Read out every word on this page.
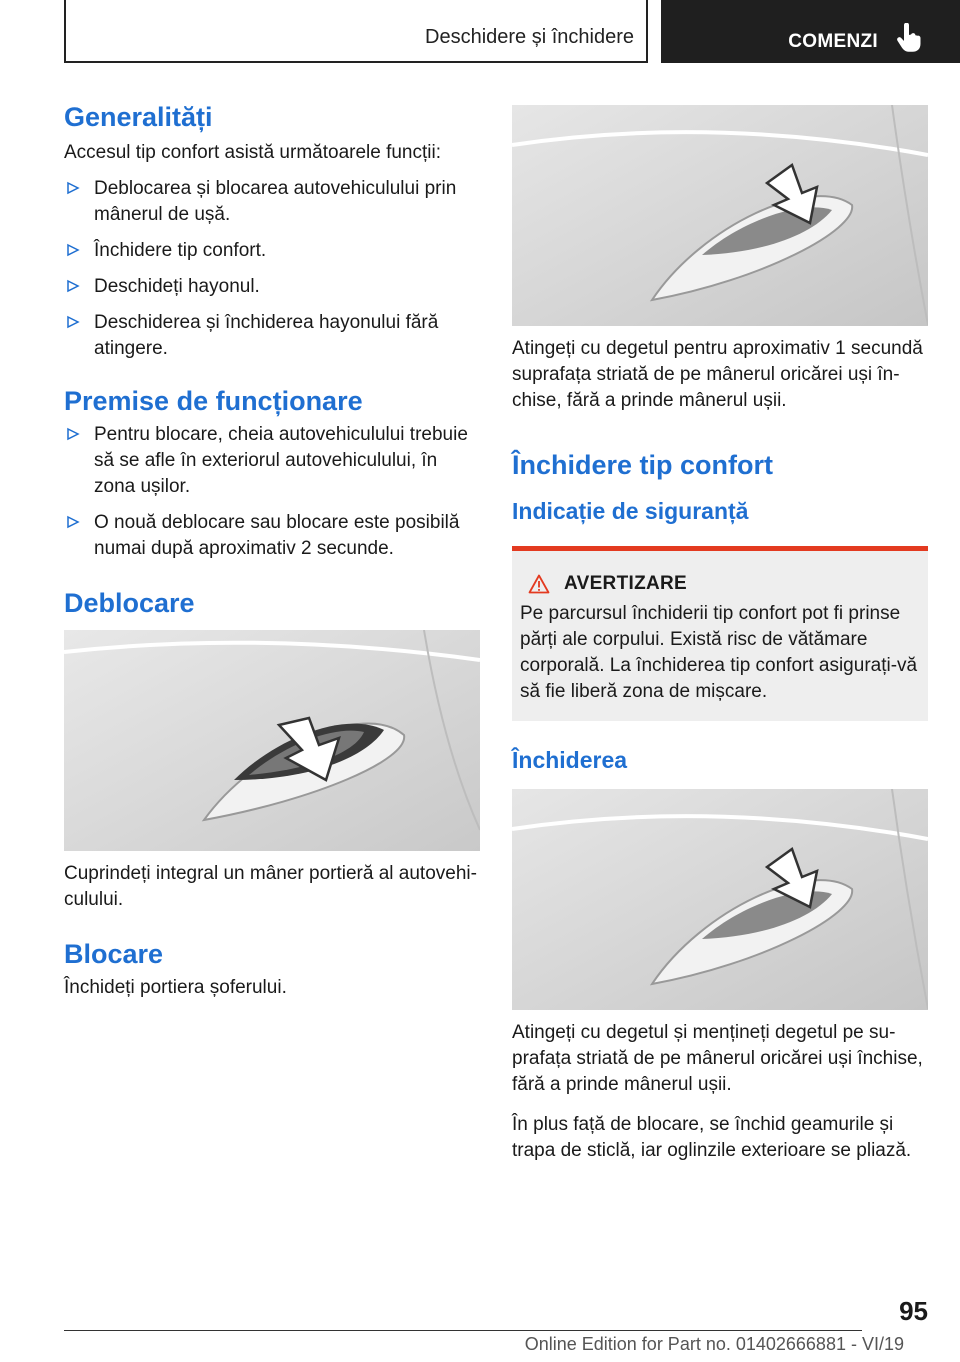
Deschidere și închidere	COMENZI
Generalități

Accesul tip confort asistă următoarele funcții:

Deblocarea și blocarea autovehiculului prin mânerul de ușă.
Închidere tip confort.
Deschideți hayonul.
Deschiderea și închiderea hayonului fără atingere.
Premise de funcționare
Pentru blocare, cheia autovehiculului trebuie să se afle în exteriorul autovehiculului, în zona ușilor.
O nouă deblocare sau blocare este posibilă numai după aproximativ 2 secunde.
Deblocare

Cuprindeți integral un mâner portieră al autovehiculului.

Blocare

Închideți portiera șoferului.

Atingeți cu degetul pentru aproximativ 1 secundă suprafața striată de pe mânerul oricărei uși închise, fără a prinde mânerul ușii.

Închidere tip confort
Indicație de siguranță
AVERTIZARE

Pe parcursul închiderii tip confort pot fi prinse părți ale corpului. Există risc de vătămare corporală. La închiderea tip confort asigurați-vă să fie liberă zona de mișcare.

Închiderea

Atingeți cu degetul și mențineți degetul pe suprafața striată de pe mânerul oricărei uși închise, fără a prinde mânerul ușii.

În plus față de blocare, se închid geamurile și trapa de sticlă, iar oglinzile exterioare se pliază.

95
Online Edition for Part no. 01402666881 - VI/19
